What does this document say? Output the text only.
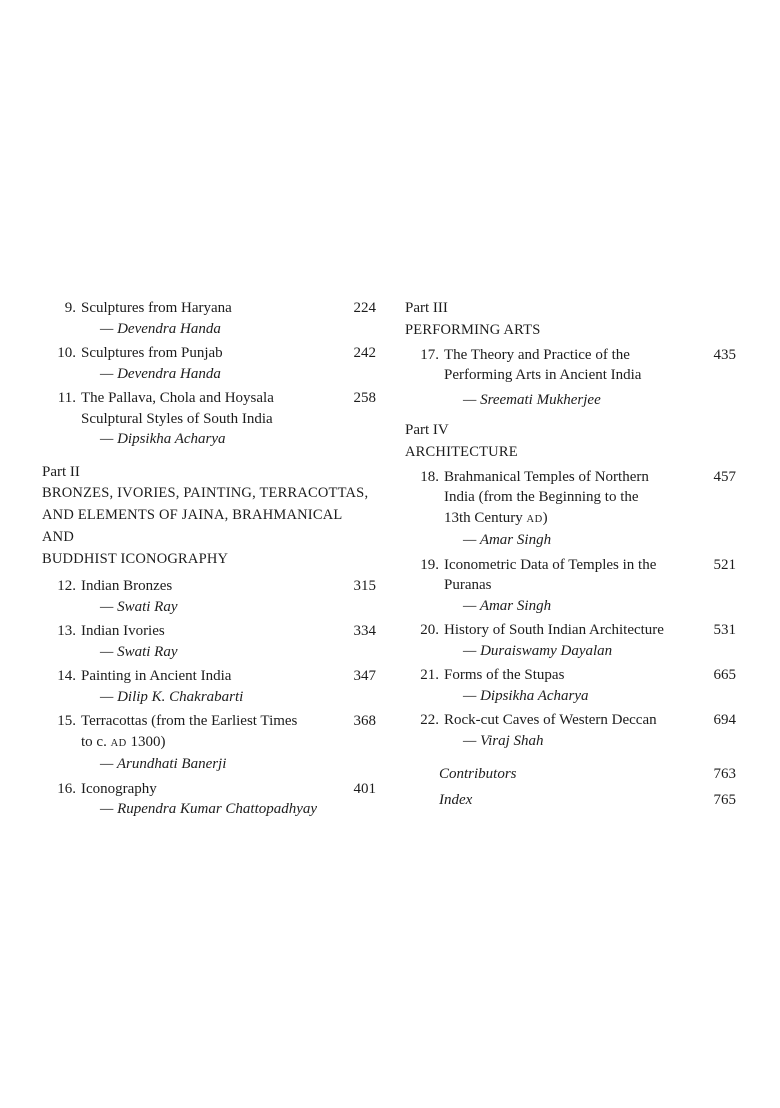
9. Sculptures from Haryana
— Devendra Handa
224
10. Sculptures from Punjab
— Devendra Handa
242
11. The Pallava, Chola and Hoysala
Sculptural Styles of South India
— Dipsikha Acharya
258
Part II
BRONZES, IVORIES, PAINTING, TERRACOTTAS,
AND ELEMENTS OF JAINA, BRAHMANICAL AND
BUDDHIST ICONOGRAPHY
12. Indian Bronzes
— Swati Ray
315
13. Indian Ivories
— Swati Ray
334
14. Painting in Ancient India
— Dilip K. Chakrabarti
347
15. Terracottas (from the Earliest Times
to c. AD 1300)
— Arundhati Banerji
368
16. Iconography
— Rupendra Kumar Chattopadhyay
401
Part III
PERFORMING ARTS
17. The Theory and Practice of the
Performing Arts in Ancient India
— Sreemati Mukherjee
435
Part IV
ARCHITECTURE
18. Brahmanical Temples of Northern
India (from the Beginning to the
13th Century AD)
— Amar Singh
457
19. Iconometric Data of Temples in the
Puranas
— Amar Singh
521
20. History of South Indian Architecture
— Duraiswamy Dayalan
531
21. Forms of the Stupas
— Dipsikha Acharya
665
22. Rock-cut Caves of Western Deccan
— Viraj Shah
694
Contributors	763
Index	765
